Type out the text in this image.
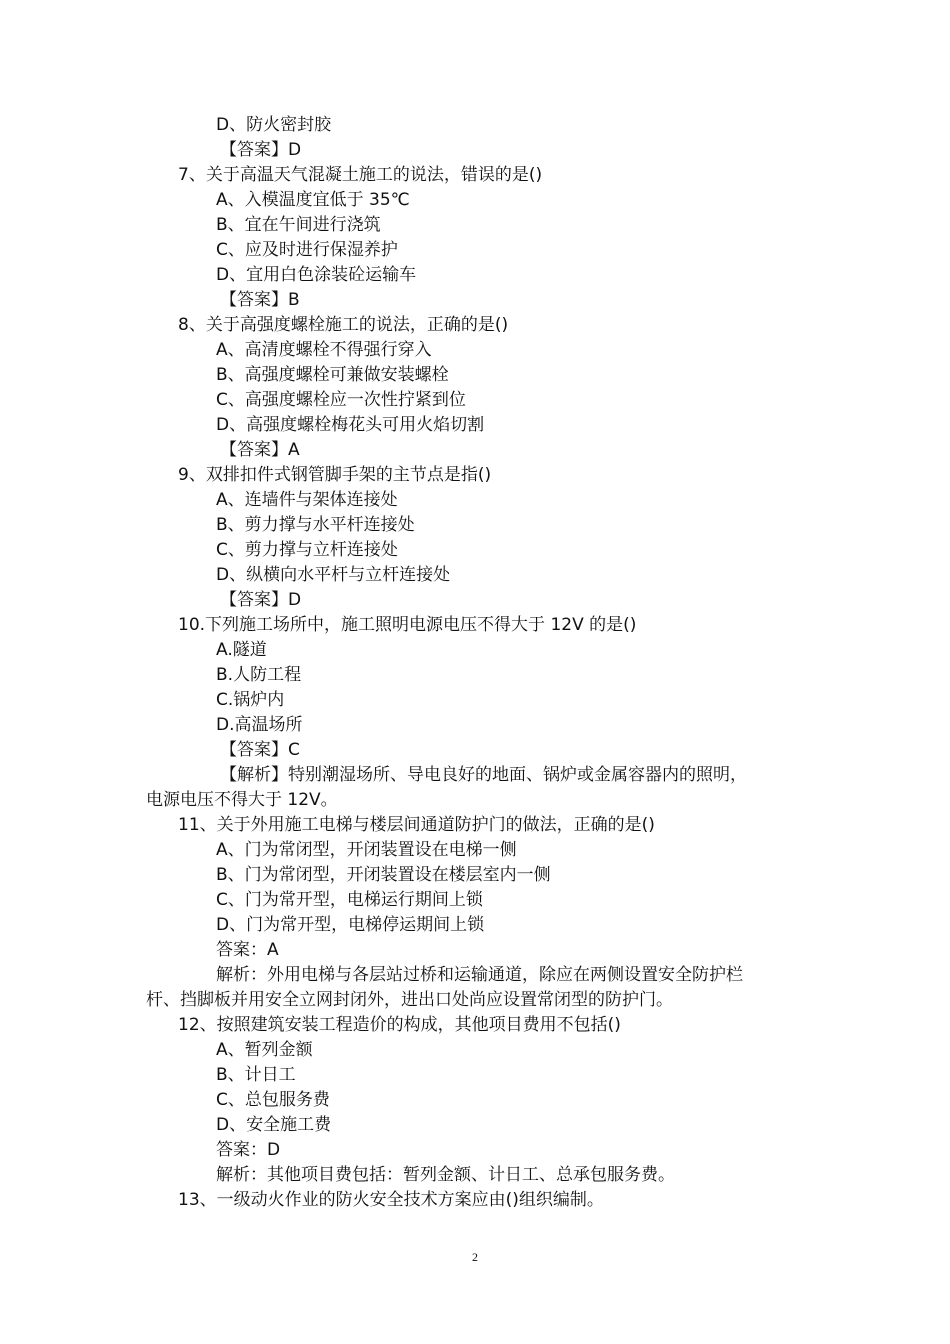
D、防火密封胶
【答案】D
7、关于高温天气混凝土施工的说法，错误的是()
A、入模温度宜低于 35℃
B、宜在午间进行浇筑
C、应及时进行保湿养护
D、宜用白色涂装砼运输车
【答案】B
8、关于高强度螺栓施工的说法，正确的是()
A、高清度螺栓不得强行穿入
B、高强度螺栓可兼做安装螺栓
C、高强度螺栓应一次性拧紧到位
D、高强度螺栓梅花头可用火焰切割
【答案】A
9、双排扣件式钢管脚手架的主节点是指()
A、连墙件与架体连接处
B、剪力撑与水平杆连接处
C、剪力撑与立杆连接处
D、纵横向水平杆与立杆连接处
【答案】D
10.下列施工场所中，施工照明电源电压不得大于 12V 的是()
A.隧道
B.人防工程
C.锅炉内
D.高温场所
【答案】C
【解析】特别潮湿场所、导电良好的地面、锅炉或金属容器内的照明，
电源电压不得大于 12V。
11、关于外用施工电梯与楼层间通道防护门的做法，正确的是()
A、门为常闭型，开闭装置设在电梯一侧
B、门为常闭型，开闭装置设在楼层室内一侧
C、门为常开型，电梯运行期间上锁
D、门为常开型，电梯停运期间上锁
答案：A
解析：外用电梯与各层站过桥和运输通道，除应在两侧设置安全防护栏
杆、挡脚板并用安全立网封闭外，进出口处尚应设置常闭型的防护门。
12、按照建筑安装工程造价的构成，其他项目费用不包括()
A、暂列金额
B、计日工
C、总包服务费
D、安全施工费
答案：D
解析：其他项目费包括：暂列金额、计日工、总承包服务费。
13、一级动火作业的防火安全技术方案应由()组织编制。
2
